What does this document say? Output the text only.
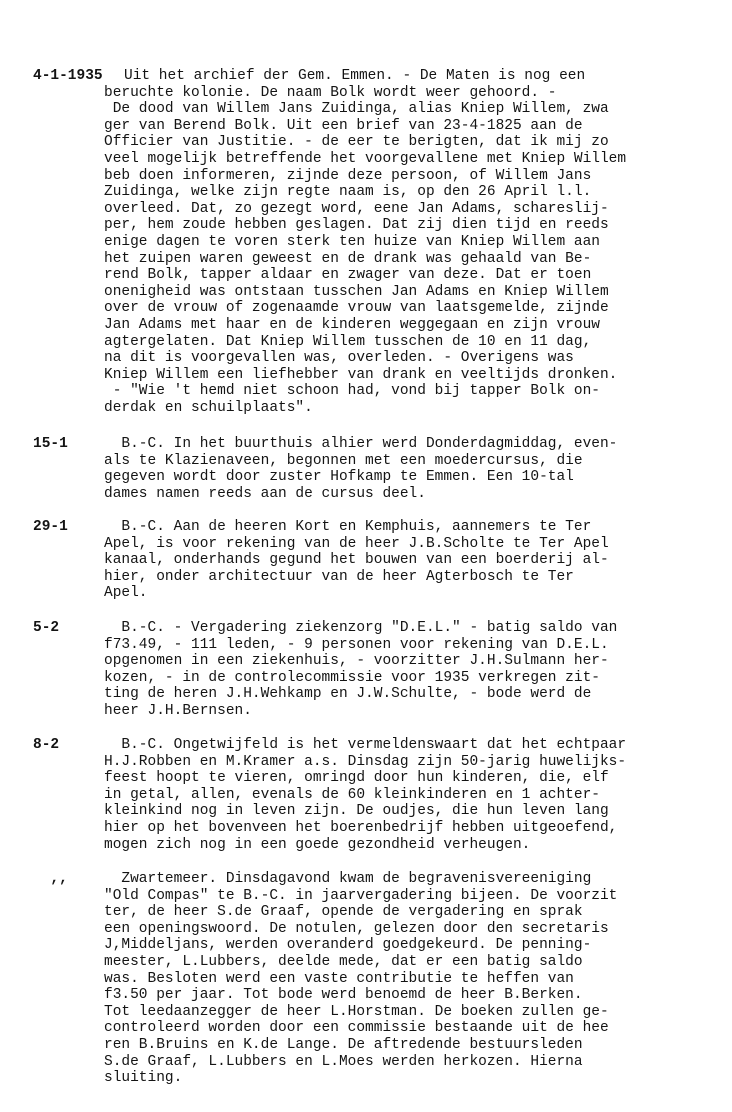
4-1-1935 Uit het archief der Gem. Emmen. - De Maten is nog een
beruchte kolonie. De naam Bolk wordt weer gehoord. -
De dood van Willem Jans Zuidinga, alias Kniep Willem, zwa
ger van Berend Bolk. Uit een brief van 23-4-1825 aan de
Officier van Justitie. - de eer te berigten, dat ik mij zo
veel mogelijk betreffende het voorgevallene met Kniep Willem
beb doen informeren, zijnde deze persoon, of Willem Jans
Zuidinga, welke zijn regte naam is, op den 26 April l.l.
overleed. Dat, zo gezegt word, eene Jan Adams, schareslij-
per, hem zoude hebben geslagen. Dat zij dien tijd en reeds
enige dagen te voren sterk ten huize van Kniep Willem aan
het zuipen waren geweest en de drank was gehaald van Be-
rend Bolk, tapper aldaar en zwager van deze. Dat er toen
onenigheid was ontstaan tusschen Jan Adams en Kniep Willem
over de vrouw of zogenaamde vrouw van laatsgemelde, zijnde
Jan Adams met haar en de kinderen weggegaan en zijn vrouw
agtergelaten. Dat Kniep Willem tusschen de 10 en 11 dag,
na dit is voorgevallen was, overleden. - Overigens was
Kniep Willem een liefhebber van drank en veeltijds dronken.
- "Wie 't hemd niet schoon had, vond bij tapper Bolk on-
derdak en schuilplaats".
15-1 B.-C. In het buurthuis alhier werd Donderdagmiddag, even-
als te Klazienaveen, begonnen met een moedercursus, die
gegeven wordt door zuster Hofkamp te Emmen. Een 10-tal
dames namen reeds aan de cursus deel.
29-1 B.-C. Aan de heeren Kort en Kemphuis, aannemers te Ter
Apel, is voor rekening van de heer J.B.Scholte te Ter Apel
kanaal, onderhands gegund het bouwen van een boerderij al-
hier, onder architectuur van de heer Agterbosch te Ter
Apel.
5-2	B.-C. - Vergadering ziekenzorg "D.E.L." - batig saldo van
f73.49, - 111 leden, - 9 personen voor rekening van D.E.L.
opgenomen in een ziekenhuis, - voorzitter J.H.Sulmann her-
kozen, - in de controlecommissie voor 1935 verkregen zit-
ting de heren J.H.Wehkamp en J.W.Schulte, - bode werd de
heer J.H.Bernsen.
8-2	B.-C. Ongetwijfeld is het vermeldenswaart dat het echtpaar
H.J.Robben en M.Kramer a.s. Dinsdag zijn 50-jarig huwelijks-
feest hoopt te vieren, omringd door hun kinderen, die, elf
in getal, allen, evenals de 60 kleinkinderen en 1 achter-
kleinkind nog in leven zijn. De oudjes, die hun leven lang
hier op het bovenveen het boerenbedrijf hebben uitgeoefend,
mogen zich nog in een goede gezondheid verheugen.
,, Zwartemeer. Dinsdagavond kwam de begravenisvereeniging
"Old Compas" te B.-C. in jaarvergadering bijeen. De voorzit
ter, de heer S.de Graaf, opende de vergadering en sprak
een openingswoord. De notulen, gelezen door den secretaris
J,Middeljans, werden overanderd goedgekeurd. De penning-
meester, L.Lubbers, deelde mede, dat er een batig saldo
was. Besloten werd een vaste contributie te heffen van
f3.50 per jaar. Tot bode werd benoemd de heer B.Berken.
Tot leedaanzegger de heer L.Horstman. De boeken zullen ge-
controleerd worden door een commissie bestaande uit de hee
ren B.Bruins en K.de Lange. De aftredende bestuursleden
S.de Graaf, L.Lubbers en L.Moes werden herkozen. Hierna
sluiting.
